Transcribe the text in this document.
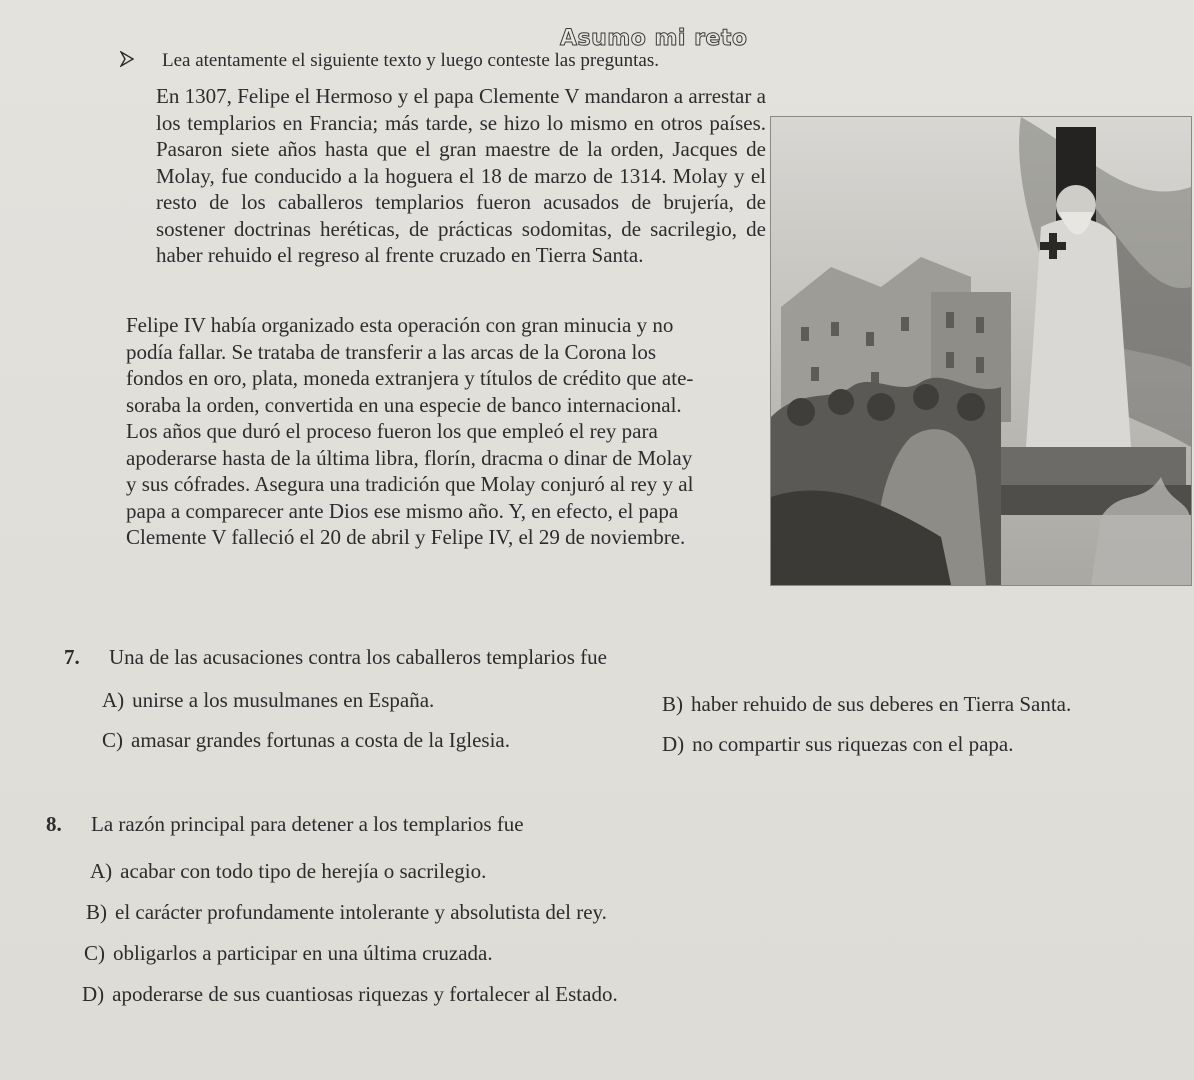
Asumo mi reto
Lea atentamente el siguiente texto y luego conteste las preguntas.
En 1307, Felipe el Hermoso y el papa Clemente V mandaron a arrestar a los templarios en Francia; más tarde, se hizo lo mismo en otros países. Pasaron siete años hasta que el gran maestre de la orden, Jacques de Molay, fue conducido a la hoguera el 18 de marzo de 1314. Molay y el resto de los caballeros templarios fueron acusados de brujería, de sostener doctrinas heréticas, de prácticas sodomitas, de sacrilegio, de haber rehuido el regreso al frente cruzado en Tierra Santa.
Felipe IV había organizado esta operación con gran minucia y no
podía fallar. Se trataba de transferir a las arcas de la Corona los
fondos en oro, plata, moneda extranjera y títulos de crédito que ate-
soraba la orden, convertida en una especie de banco internacional.
Los años que duró el proceso fueron los que empleó el rey para
apoderarse hasta de la última libra, florín, dracma o dinar de Molay
y sus cófrades. Asegura una tradición que Molay conjuró al rey y al
papa a comparecer ante Dios ese mismo año. Y, en efecto, el papa
Clemente V falleció el 20 de abril y Felipe IV, el 29 de noviembre.
7. Una de las acusaciones contra los caballeros templarios fue
A) unirse a los musulmanes en España.	B) haber rehuido de sus deberes en Tierra Santa.
C) amasar grandes fortunas a costa de la Iglesia.	D) no compartir sus riquezas con el papa.
8. La razón principal para detener a los templarios fue
A) acabar con todo tipo de herejía o sacrilegio.
B) el carácter profundamente intolerante y absolutista del rey.
C) obligarlos a participar en una última cruzada.
D) apoderarse de sus cuantiosas riquezas y fortalecer al Estado.
